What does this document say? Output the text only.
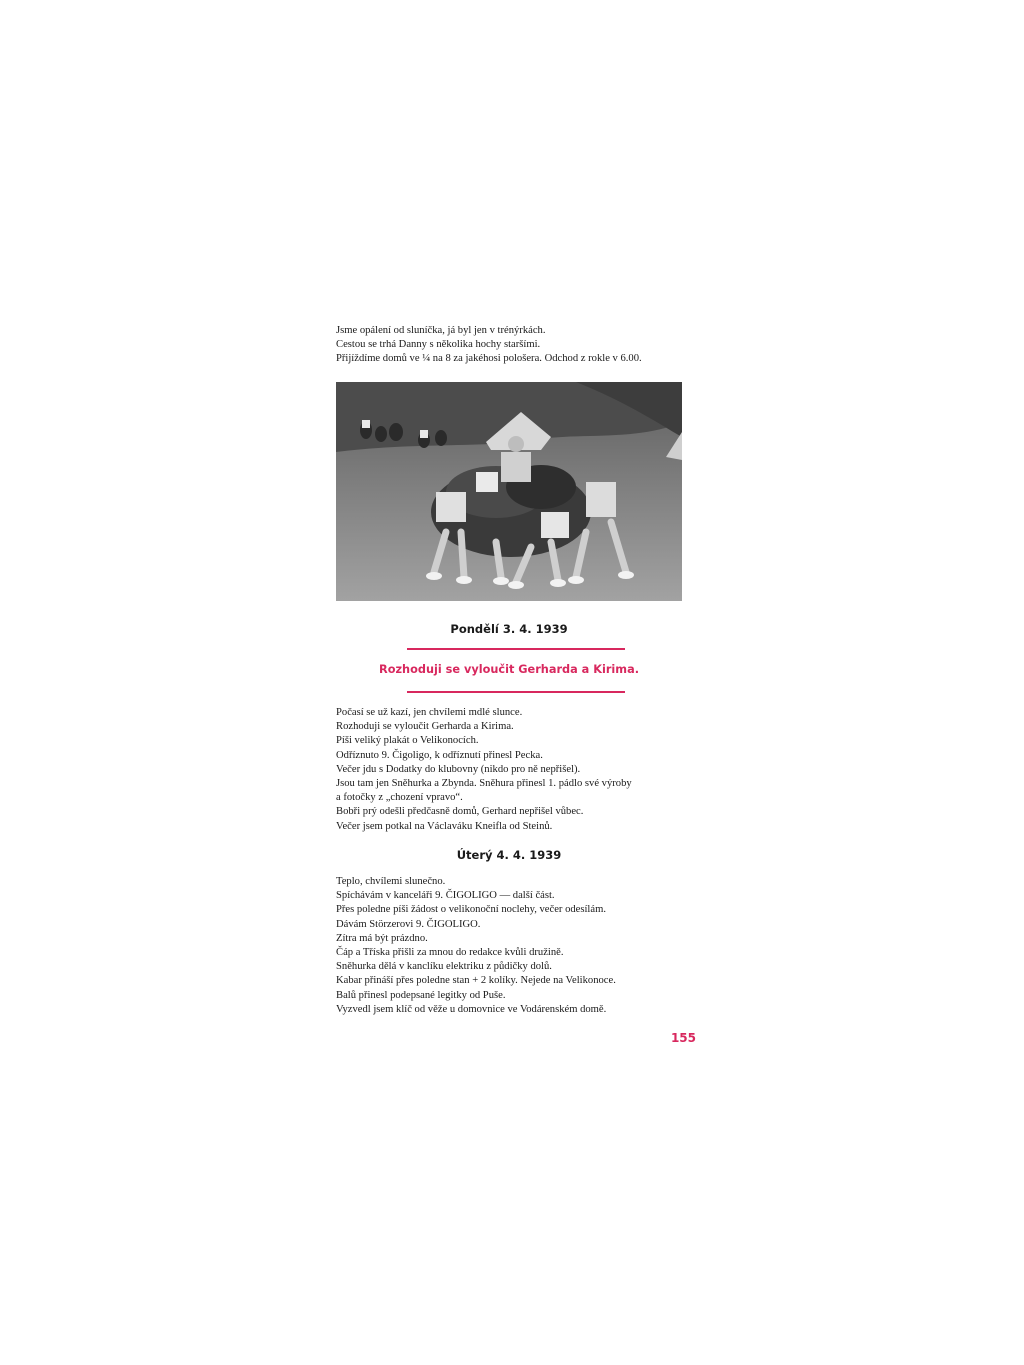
Jsme opálení od sluníčka, já byl jen v trénýrkách.
Cestou se trhá Danny s několika hochy staršími.
Přijíždíme domů ve ¼ na 8 za jakéhosi pološera. Odchod z rokle v 6.00.

Pondělí 3. 4. 1939

Rozhoduji se vyloučit Gerharda a Kirima.

Počasí se už kazí, jen chvílemi mdlé slunce.
Rozhoduji se vyloučit Gerharda a Kirima.
Píši veliký plakát o Velikonocích.
Odříznuto 9. Čigoligo, k odříznutí přinesl Pecka.
Večer jdu s Dodatky do klubovny (nikdo pro ně nepřišel).
Jsou tam jen Sněhurka a Zbynda. Sněhura přinesl 1. pádlo své výroby
a fotočky z „chození vpravo“.
Bobři prý odešli předčasně domů, Gerhard nepřišel vůbec.
Večer jsem potkal na Václaváku Kneifla od Steinů.

Úterý 4. 4. 1939

Teplo, chvílemi slunečno.
Spíchávám v kanceláři 9. ČIGOLIGO — další část.
Přes poledne píši žádost o velikonoční noclehy, večer odesílám.
Dávám Störzerovi 9. ČIGOLIGO.
Zítra má být prázdno.
Čáp a Tříska přišli za mnou do redakce kvůli družině.
Sněhurka dělá v kanclíku elektriku z půdičky dolů.
Kabar přináší přes poledne stan + 2 kolíky. Nejede na Velikonoce.
Balů přinesl podepsané legitky od Puše.
Vyzvedl jsem klíč od věže u domovnice ve Vodárenském domě.
155
